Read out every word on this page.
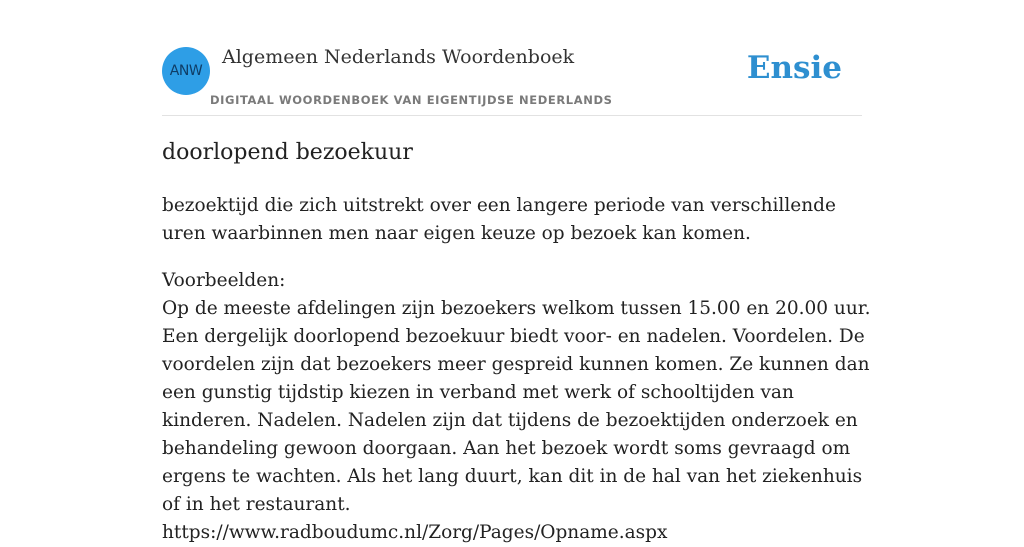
ANW
Algemeen Nederlands Woordenboek
DIGITAAL WOORDENBOEK VAN EIGENTIJDSE NEDERLANDS
Ensie
doorlopend bezoekuur
bezoektijd die zich uitstrekt over een langere periode van verschillende uren waarbinnen men naar eigen keuze op bezoek kan komen.
Voorbeelden:
Op de meeste afdelingen zijn bezoekers welkom tussen 15.00 en 20.00 uur. Een dergelijk doorlopend bezoekuur biedt voor- en nadelen. Voordelen. De voordelen zijn dat bezoekers meer gespreid kunnen komen. Ze kunnen dan een gunstig tijdstip kiezen in verband met werk of schooltijden van kinderen. Nadelen. Nadelen zijn dat tijdens de bezoektijden onderzoek en behandeling gewoon doorgaan. Aan het bezoek wordt soms gevraagd om ergens te wachten. Als het lang duurt, kan dit in de hal van het ziekenhuis of in het restaurant.
https://www.radboudumc.nl/Zorg/Pages/Opname.aspx
